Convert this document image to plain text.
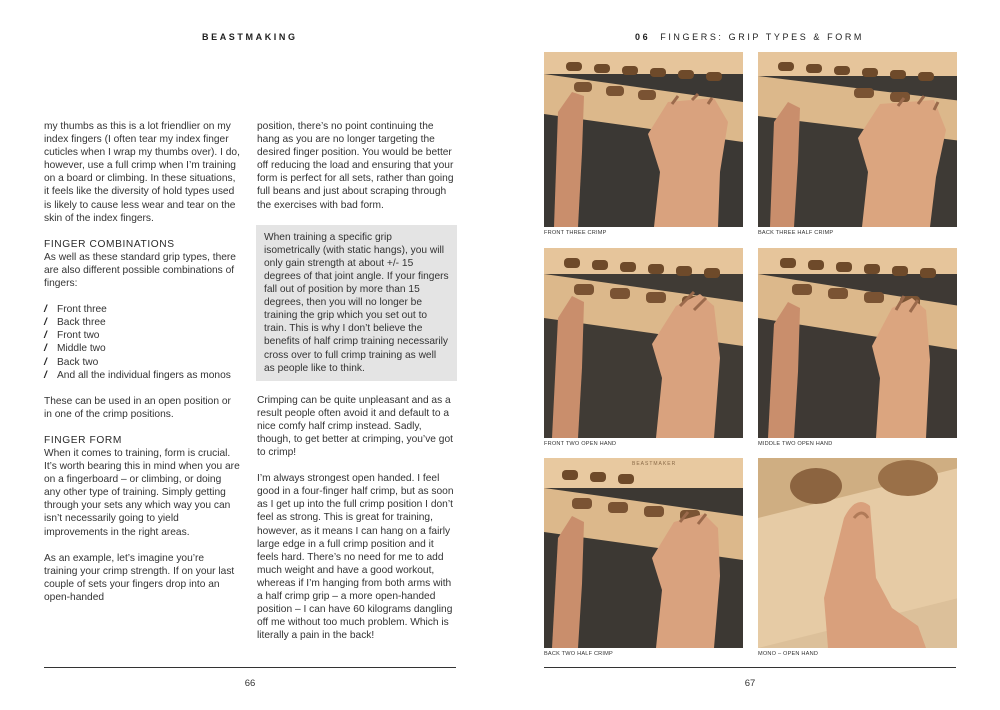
BEASTMAKING

my thumbs as this is a lot friendlier on my index fingers (I often tear my index finger cuticles when I wrap my thumbs over). I do, however, use a full crimp when I’m training on a board or climbing. In these situations, it feels like the diversity of hold types used is likely to cause less wear and tear on the skin of the index fingers.

FINGER COMBINATIONS

As well as these standard grip types, there are also different possible combinations of fingers:

/ Front three
/ Back three
/ Front two
/ Middle two
/ Back two
/ And all the individual fingers as monos

These can be used in an open position or in one of the crimp positions.

FINGER FORM

When it comes to training, form is crucial. It’s worth bearing this in mind when you are on a fingerboard – or climbing, or doing any other type of training. Simply getting through your sets any which way you can isn’t necessarily going to yield improvements in the right areas.

As an example, let’s imagine you’re training your crimp strength. If on your last couple of sets your fingers drop into an open-handed

position, there’s no point continuing the hang as you are no longer targeting the desired finger position. You would be better off reducing the load and ensuring that your form is perfect for all sets, rather than going full beans and just about scraping through the exercises with bad form.

When training a specific grip isometrically (with static hangs), you will only gain strength at about +/- 15 degrees of that joint angle. If your fingers fall out of position by more than 15 degrees, then you will no longer be training the grip which you set out to train. This is why I don’t believe the benefits of half crimp training necessarily cross over to full crimp training as well as people like to think.

Crimping can be quite unpleasant and as a result people often avoid it and default to a nice comfy half crimp instead. Sadly, though, to get better at crimping, you’ve got to crimp!

I’m always strongest open handed. I feel good in a four-finger half crimp, but as soon as I get up into the full crimp position I don’t feel as strong. This is great for training, however, as it means I can hang on a fairly large edge in a full crimp position and it feels hard. There’s no need for me to add much weight and have a good workout, whereas if I’m hanging from both arms with a half crimp grip – a more open-handed position – I can have 60 kilograms dangling off me without too much problem. Which is literally a pain in the back!

66
06 FINGERS: GRIP TYPES & FORM
FRONT THREE CRIMP	BACK THREE HALF CRIMP
FRONT TWO OPEN HAND	MIDDLE TWO OPEN HAND
BEASTMAKER
BACK TWO HALF CRIMP	MONO – OPEN HAND
67
